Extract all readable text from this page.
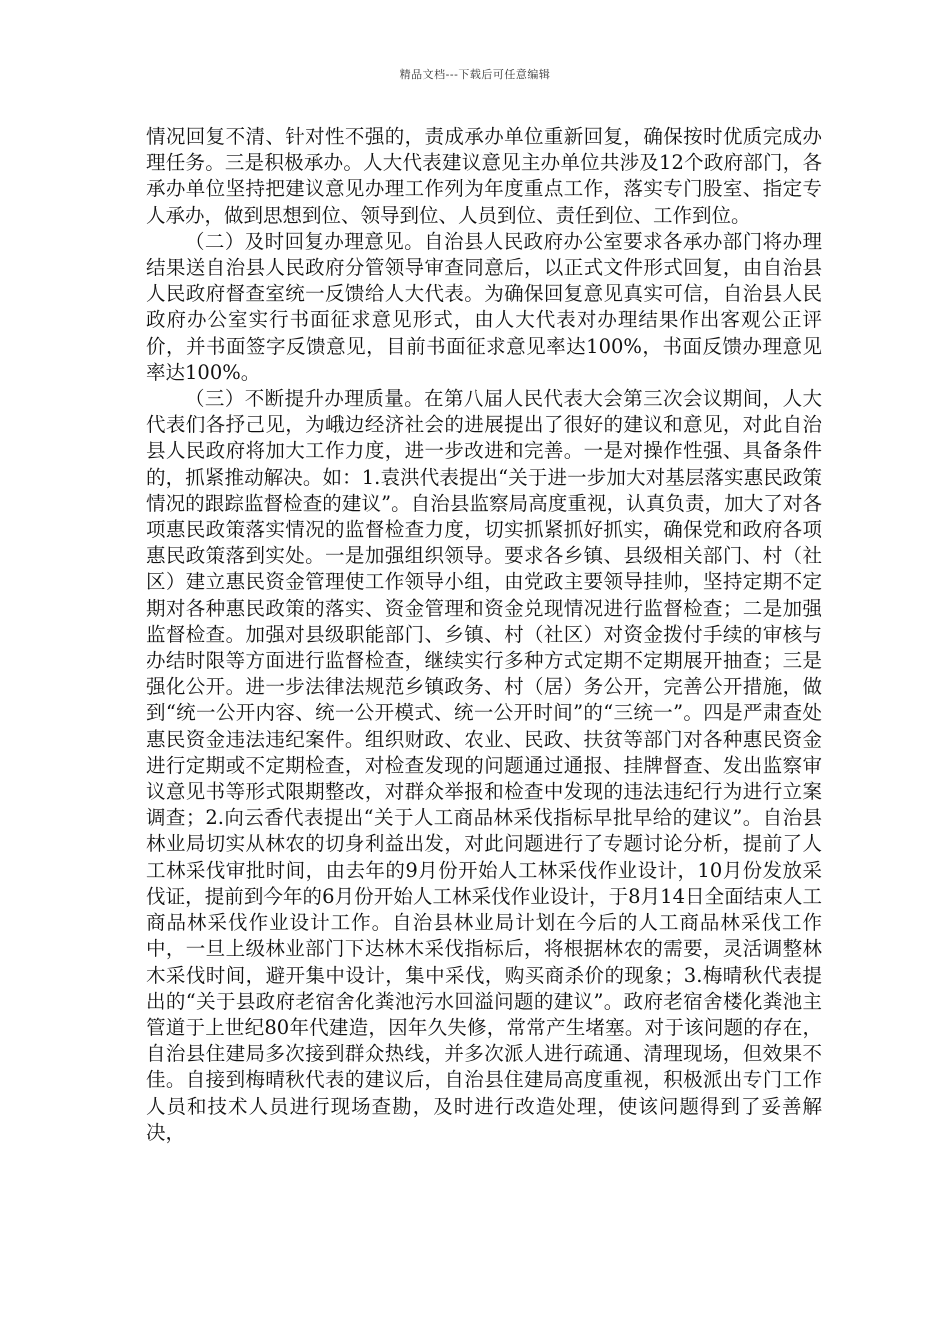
精品文档---下载后可任意编辑

情况回复不清、针对性不强的，责成承办单位重新回复，确保按时优质完成办理任务。三是积极承办。人大代表建议意见主办单位共涉及12个政府部门，各承办单位坚持把建议意见办理工作列为年度重点工作，落实专门股室、指定专人承办，做到思想到位、领导到位、人员到位、责任到位、工作到位。

（二）及时回复办理意见。自治县人民政府办公室要求各承办部门将办理结果送自治县人民政府分管领导审查同意后，以正式文件形式回复，由自治县人民政府督查室统一反馈给人大代表。为确保回复意见真实可信，自治县人民政府办公室实行书面征求意见形式，由人大代表对办理结果作出客观公正评价，并书面签字反馈意见，目前书面征求意见率达100%，书面反馈办理意见率达100%。

（三）不断提升办理质量。在第八届人民代表大会第三次会议期间，人大代表们各抒己见，为峨边经济社会的进展提出了很好的建议和意见，对此自治县人民政府将加大工作力度，进一步改进和完善。一是对操作性强、具备条件的，抓紧推动解决。如：1.袁洪代表提出“关于进一步加大对基层落实惠民政策情况的跟踪监督检查的建议”。自治县监察局高度重视，认真负责，加大了对各项惠民政策落实情况的监督检查力度，切实抓紧抓好抓实，确保党和政府各项惠民政策落到实处。一是加强组织领导。要求各乡镇、县级相关部门、村（社区）建立惠民资金管理使工作领导小组，由党政主要领导挂帅，坚持定期不定期对各种惠民政策的落实、资金管理和资金兑现情况进行监督检查；二是加强监督检查。加强对县级职能部门、乡镇、村（社区）对资金拨付手续的审核与办结时限等方面进行监督检查，继续实行多种方式定期不定期展开抽查；三是强化公开。进一步法律法规范乡镇政务、村（居）务公开，完善公开措施，做到“统一公开内容、统一公开模式、统一公开时间”的“三统一”。四是严肃查处惠民资金违法违纪案件。组织财政、农业、民政、扶贫等部门对各种惠民资金进行定期或不定期检查，对检查发现的问题通过通报、挂牌督查、发出监察审议意见书等形式限期整改，对群众举报和检查中发现的违法违纪行为进行立案调查；2.向云香代表提出“关于人工商品林采伐指标早批早给的建议”。自治县林业局切实从林农的切身利益出发，对此问题进行了专题讨论分析，提前了人工林采伐审批时间，由去年的9月份开始人工林采伐作业设计，10月份发放采伐证，提前到今年的6月份开始人工林采伐作业设计，于8月14日全面结束人工商品林采伐作业设计工作。自治县林业局计划在今后的人工商品林采伐工作中，一旦上级林业部门下达林木采伐指标后，将根据林农的需要，灵活调整林木采伐时间，避开集中设计，集中采伐，购买商杀价的现象；3.梅晴秋代表提出的“关于县政府老宿舍化粪池污水回溢问题的建议”。政府老宿舍楼化粪池主管道于上世纪80年代建造，因年久失修，常常产生堵塞。对于该问题的存在，自治县住建局多次接到群众热线，并多次派人进行疏通、清理现场，但效果不佳。自接到梅晴秋代表的建议后，自治县住建局高度重视，积极派出专门工作人员和技术人员进行现场查勘，及时进行改造处理，使该问题得到了妥善解决，
